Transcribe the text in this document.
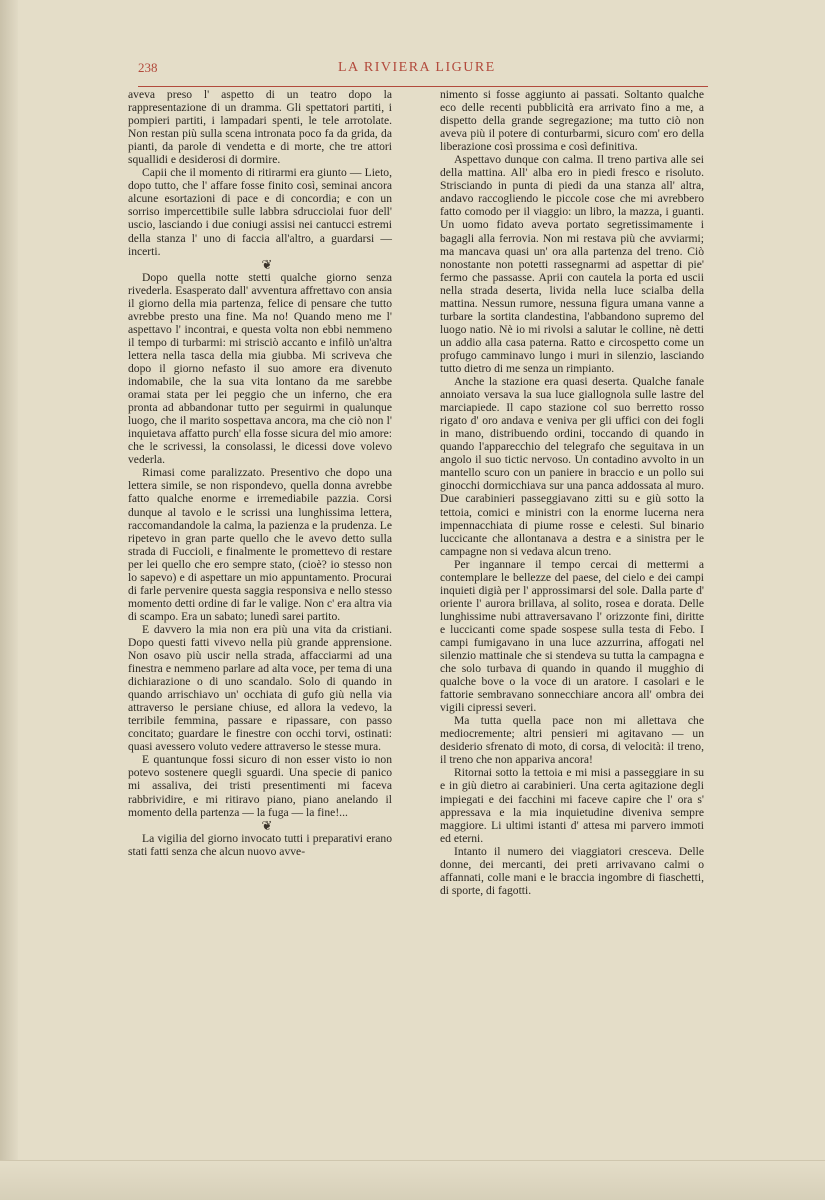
238	LA RIVIERA LIGURE

aveva preso l' aspetto di un teatro dopo la rappresentazione di un dramma. Gli spettatori partiti, i pompieri partiti, i lampadari spenti, le tele arrotolate. Non restan più sulla scena intronata poco fa da grida, da pianti, da parole di vendetta e di morte, che tre attori squallidi e desiderosi di dormire.

Capii che il momento di ritirarmi era giunto — Lieto, dopo tutto, che l' affare fosse finito così, seminai ancora alcune esortazioni di pace e di concordia; e con un sorriso impercettibile sulle labbra sdrucciolai fuor dell' uscio, lasciando i due coniugi assisi nei cantucci estremi della stanza l' uno di faccia all'altro, a guardarsi — incerti.

❦

Dopo quella notte stetti qualche giorno senza rivederla. Esasperato dall' avventura affrettavo con ansia il giorno della mia partenza, felice di pensare che tutto avrebbe presto una fine. Ma no! Quando meno me l' aspettavo l' incontrai, e questa volta non ebbi nemmeno il tempo di turbarmi: mi strisciò accanto e infilò un'altra lettera nella tasca della mia giubba. Mi scriveva che dopo il giorno nefasto il suo amore era divenuto indomabile, che la sua vita lontano da me sarebbe oramai stata per lei peggio che un inferno, che era pronta ad abbandonar tutto per seguirmi in qualunque luogo, che il marito sospettava ancora, ma che ciò non l' inquietava affatto purch' ella fosse sicura del mio amore: che le scrivessi, la consolassi, le dicessi dove volevo vederla.

Rimasi come paralizzato. Presentivo che dopo una lettera simile, se non rispondevo, quella donna avrebbe fatto qualche enorme e irremediabile pazzia. Corsi dunque al tavolo e le scrissi una lunghissima lettera, raccomandandole la calma, la pazienza e la prudenza. Le ripetevo in gran parte quello che le avevo detto sulla strada di Fuccioli, e finalmente le promettevo di restare per lei quello che ero sempre stato, (cioè? io stesso non lo sapevo) e di aspettare un mio appuntamento. Procurai di farle pervenire questa saggia responsiva e nello stesso momento detti ordine di far le valige. Non c' era altra via di scampo. Era un sabato; lunedì sarei partito.

E davvero la mia non era più una vita da cristiani. Dopo questi fatti vivevo nella più grande apprensione. Non osavo più uscir nella strada, affacciarmi ad una finestra e nemmeno parlare ad alta voce, per tema di una dichiarazione o di uno scandalo. Solo di quando in quando arrischiavo un' occhiata di gufo giù nella via attraverso le persiane chiuse, ed allora la vedevo, la terribile femmina, passare e ripassare, con passo concitato; guardare le finestre con occhi torvi, ostinati: quasi avessero voluto vedere attraverso le stesse mura.

E quantunque fossi sicuro di non esser visto io non potevo sostenere quegli sguardi. Una specie di panico mi assaliva, dei tristi presentimenti mi faceva rabbrividire, e mi ritiravo piano, piano anelando il momento della partenza — la fuga — la fine!...

❦

La vigilia del giorno invocato tutti i preparativi erano stati fatti senza che alcun nuovo avve-

nimento si fosse aggiunto ai passati. Soltanto qualche eco delle recenti pubblicità era arrivato fino a me, a dispetto della grande segregazione; ma tutto ciò non aveva più il potere di conturbarmi, sicuro com' ero della liberazione così prossima e così definitiva.

Aspettavo dunque con calma. Il treno partiva alle sei della mattina. All' alba ero in piedi fresco e risoluto. Strisciando in punta di piedi da una stanza all' altra, andavo raccogliendo le piccole cose che mi avrebbero fatto comodo per il viaggio: un libro, la mazza, i guanti. Un uomo fidato aveva portato segretissimamente i bagagli alla ferrovia. Non mi restava più che avviarmi; ma mancava quasi un' ora alla partenza del treno. Ciò nonostante non potetti rassegnarmi ad aspettar di pie' fermo che passasse. Aprii con cautela la porta ed uscii nella strada deserta, livida nella luce scialba della mattina. Nessun rumore, nessuna figura umana vanne a turbare la sortita clandestina, l'abbandono supremo del luogo natio. Nè io mi rivolsi a salutar le colline, nè detti un addio alla casa paterna. Ratto e circospetto come un profugo camminavo lungo i muri in silenzio, lasciando tutto dietro di me senza un rimpianto.

Anche la stazione era quasi deserta. Qualche fanale annoiato versava la sua luce giallognola sulle lastre del marciapiede. Il capo stazione col suo berretto rosso rigato d' oro andava e veniva per gli uffici con dei fogli in mano, distribuendo ordini, toccando di quando in quando l'apparecchio del telegrafo che seguitava in un angolo il suo tictic nervoso. Un contadino avvolto in un mantello scuro con un paniere in braccio e un pollo sui ginocchi dormicchiava sur una panca addossata al muro. Due carabinieri passeggiavano zitti su e giù sotto la tettoia, comici e ministri con la enorme lucerna nera impennacchiata di piume rosse e celesti. Sul binario luccicante che allontanava a destra e a sinistra per le campagne non si vedava alcun treno.

Per ingannare il tempo cercai di mettermi a contemplare le bellezze del paese, del cielo e dei campi inquieti digià per l' approssimarsi del sole. Dalla parte d' oriente l' aurora brillava, al solito, rosea e dorata. Delle lunghissime nubi attraversavano l' orizzonte fini, diritte e luccicanti come spade sospese sulla testa di Febo. I campi fumigavano in una luce azzurrina, affogati nel silenzio mattinale che si stendeva su tutta la campagna e che solo turbava di quando in quando il mugghio di qualche bove o la voce di un aratore. I casolari e le fattorie sembravano sonnecchiare ancora all' ombra dei vigili cipressi severi.

Ma tutta quella pace non mi allettava che mediocremente; altri pensieri mi agitavano — un desiderio sfrenato di moto, di corsa, di velocità: il treno, il treno che non appariva ancora!

Ritornai sotto la tettoia e mi misi a passeggiare in su e in giù dietro ai carabinieri. Una certa agitazione degli impiegati e dei facchini mi faceve capire che l' ora s' appressava e la mia inquietudine diveniva sempre maggiore. Li ultimi istanti d' attesa mi parvero immoti ed eterni.

Intanto il numero dei viaggiatori cresceva. Delle donne, dei mercanti, dei preti arrivavano calmi o affannati, colle mani e le braccia ingombre di fiaschetti, di sporte, di fagotti.
